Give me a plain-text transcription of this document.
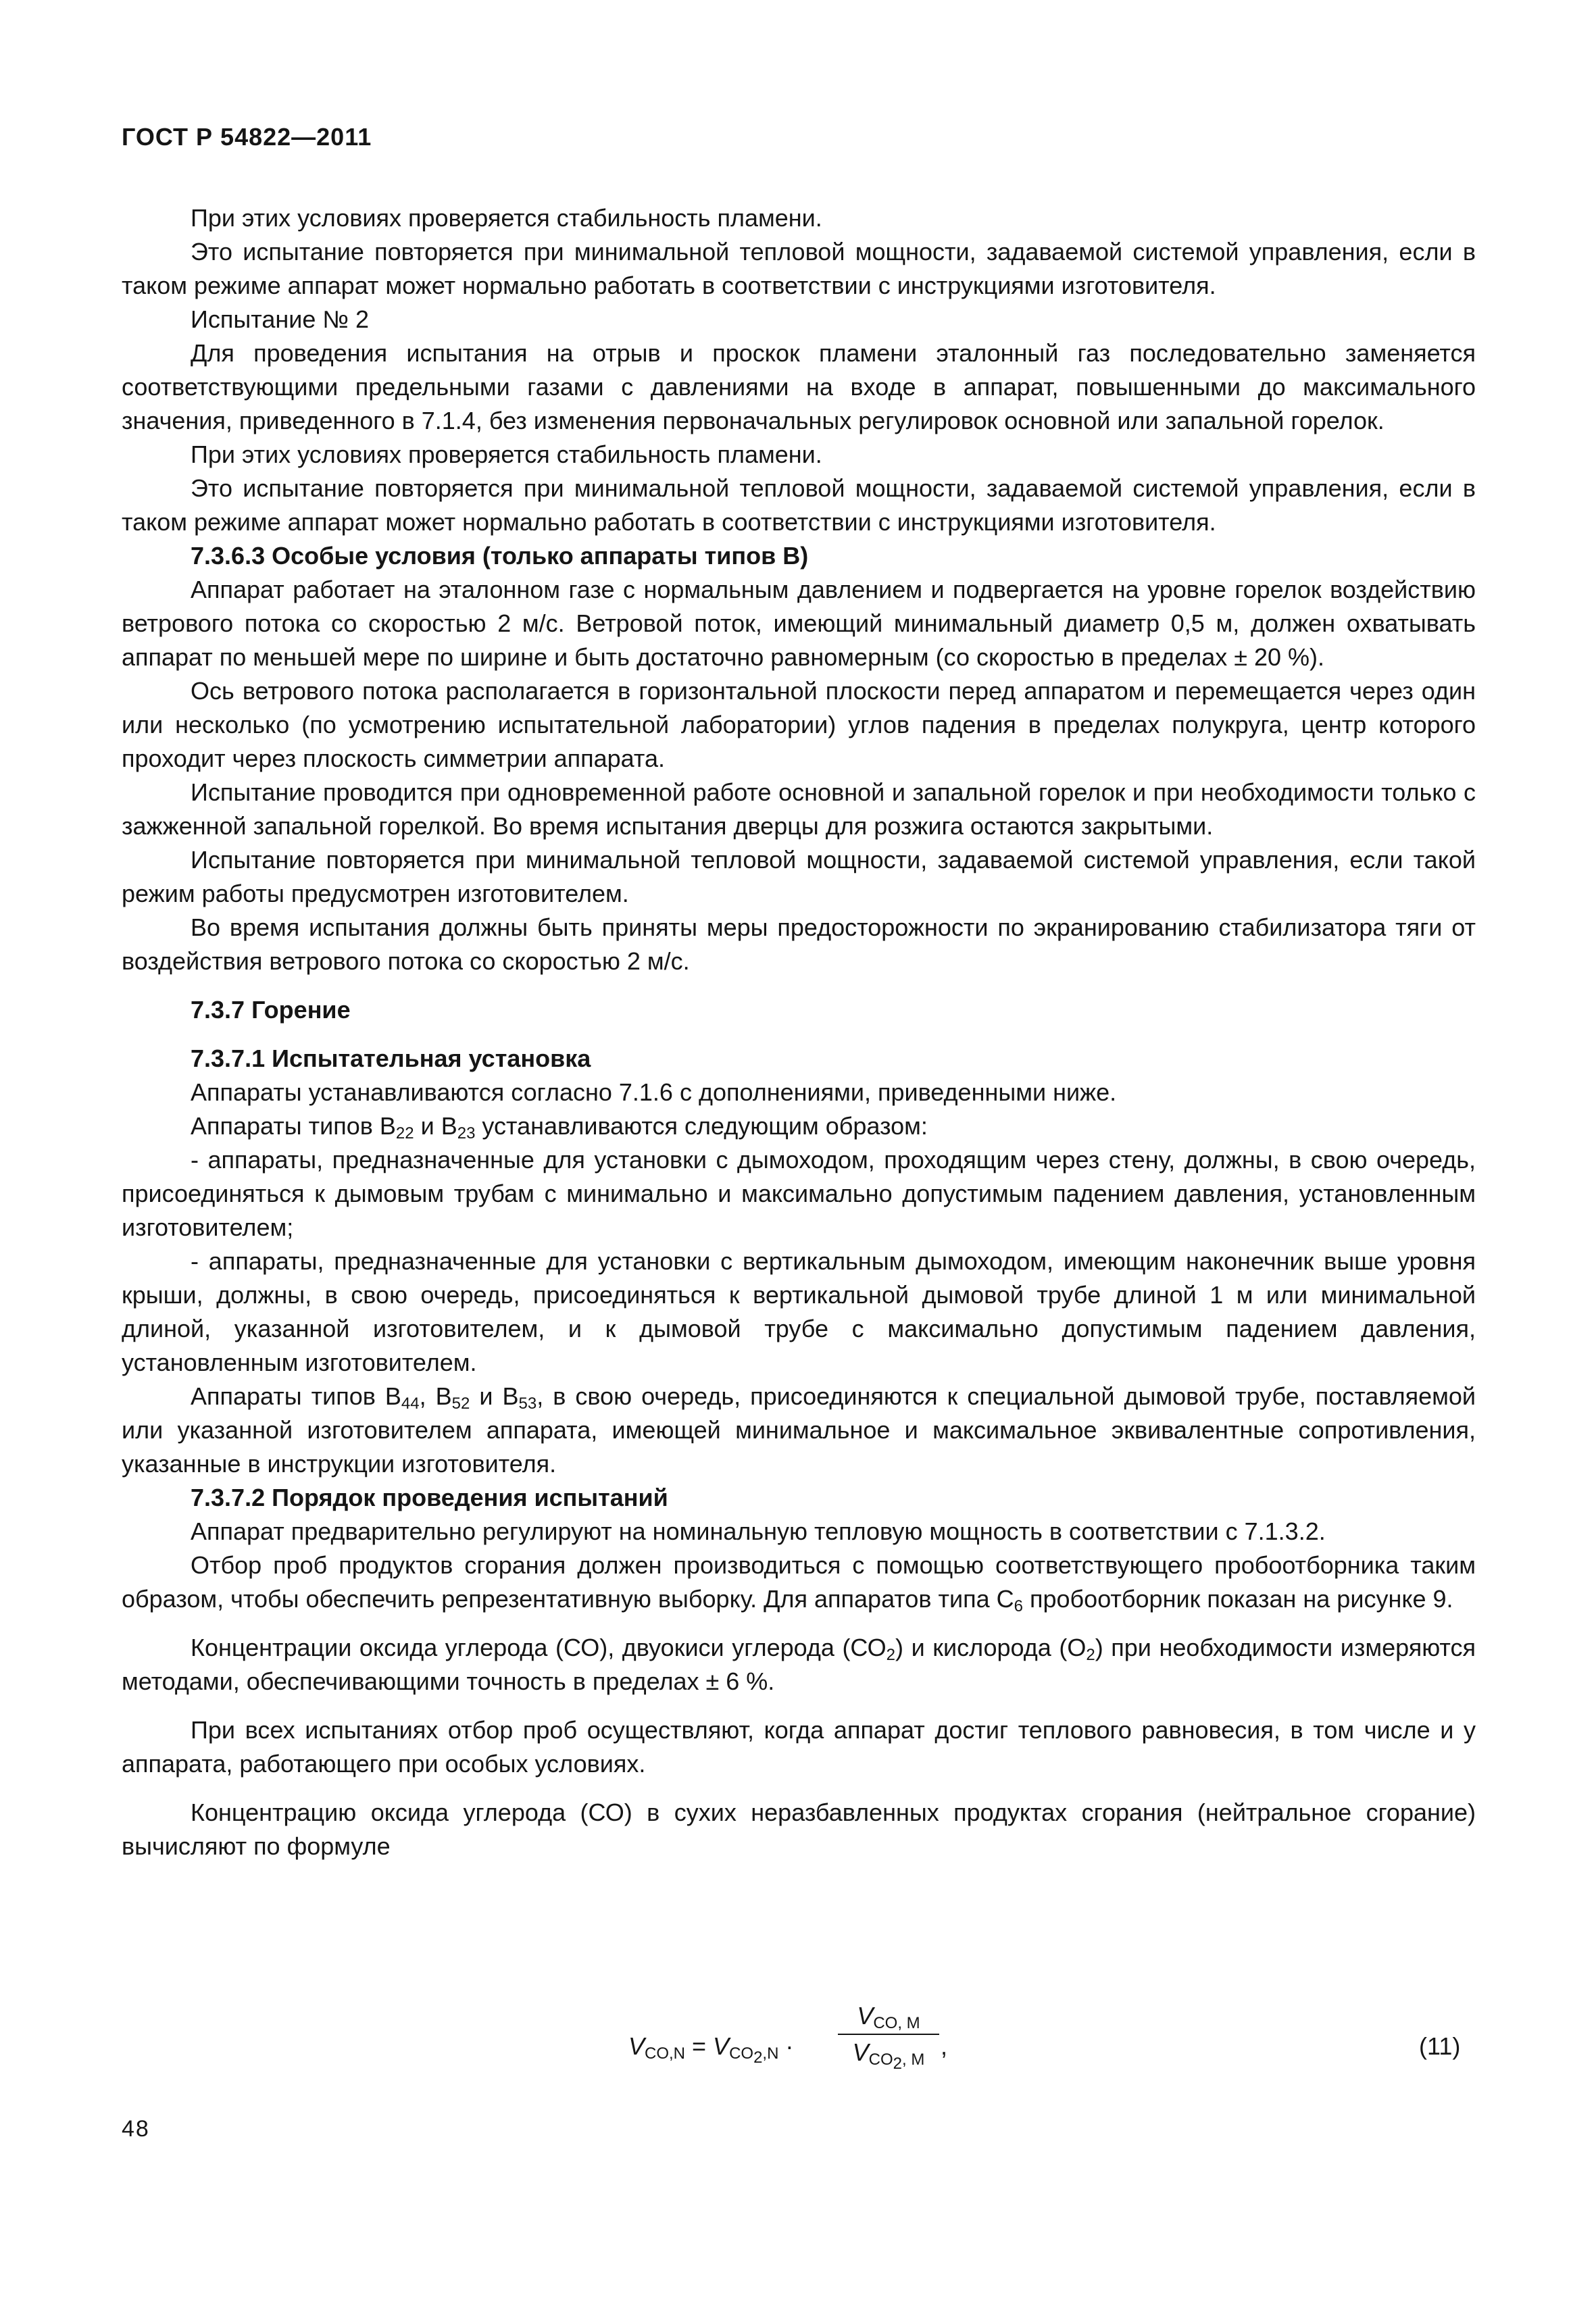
ГОСТ Р 54822—2011

При этих условиях проверяется стабильность пламени.

Это испытание повторяется при минимальной тепловой мощности, задаваемой системой управления, если в таком режиме аппарат может нормально работать в соответствии с инструкциями изготовителя.

Испытание № 2

Для проведения испытания на отрыв и проскок пламени эталонный газ последовательно заменяется соответствующими предельными газами с давлениями на входе в аппарат, повышенными до максимального значения, приведенного в 7.1.4, без изменения первоначальных регулировок основной или запальной горелок.

При этих условиях проверяется стабильность пламени.

Это испытание повторяется при минимальной тепловой мощности, задаваемой системой управления, если в таком режиме аппарат может нормально работать в соответствии с инструкциями изготовителя.

7.3.6.3 Особые условия (только аппараты типов В)

Аппарат работает на эталонном газе с нормальным давлением и подвергается на уровне горелок воздействию ветрового потока со скоростью 2 м/с. Ветровой поток, имеющий минимальный диаметр 0,5 м, должен охватывать аппарат по меньшей мере по ширине и быть достаточно равномерным (со скоростью в пределах ± 20 %).

Ось ветрового потока располагается в горизонтальной плоскости перед аппаратом и перемещается через один или несколько (по усмотрению испытательной лаборатории) углов падения в пределах полукруга, центр которого проходит через плоскость симметрии аппарата.

Испытание проводится при одновременной работе основной и запальной горелок и при необходимости только с зажженной запальной горелкой. Во время испытания дверцы для розжига остаются закрытыми.

Испытание повторяется при минимальной тепловой мощности, задаваемой системой управления, если такой режим работы предусмотрен изготовителем.

Во время испытания должны быть приняты меры предосторожности по экранированию стабилизатора тяги от воздействия ветрового потока со скоростью 2 м/с.

7.3.7 Горение

7.3.7.1 Испытательная установка

Аппараты устанавливаются согласно 7.1.6 с дополнениями, приведенными ниже.

Аппараты типов $В_{22}$ и $В_{23}$ устанавливаются следующим образом:

- аппараты, предназначенные для установки с дымоходом, проходящим через стену, должны, в свою очередь, присоединяться к дымовым трубам с минимально и максимально допустимым падением давления, установленным изготовителем;

- аппараты, предназначенные для установки с вертикальным дымоходом, имеющим наконечник выше уровня крыши, должны, в свою очередь, присоединяться к вертикальной дымовой трубе длиной 1 м или минимальной длиной, указанной изготовителем, и к дымовой трубе с максимально допустимым падением давления, установленным изготовителем.

Аппараты типов $В_{44}$, $В_{52}$ и $В_{53}$, в свою очередь, присоединяются к специальной дымовой трубе, поставляемой или указанной изготовителем аппарата, имеющей минимальное и максимальное эквивалентные сопротивления, указанные в инструкции изготовителя.

7.3.7.2 Порядок проведения испытаний

Аппарат предварительно регулируют на номинальную тепловую мощность в соответствии с 7.1.3.2.

Отбор проб продуктов сгорания должен производиться с помощью соответствующего пробоотборника таким образом, чтобы обеспечить репрезентативную выборку. Для аппаратов типа $С_6$ пробоотборник показан на рисунке 9.

Концентрации оксида углерода (СО), двуокиси углерода $(СО_2)$ и кислорода $(О_2)$ при необходимости измеряются методами, обеспечивающими точность в пределах ± 6 %.

При всех испытаниях отбор проб осуществляют, когда аппарат достиг теплового равновесия, в том числе и у аппарата, работающего при особых условиях.

Концентрацию оксида углерода (СО) в сухих неразбавленных продуктах сгорания (нейтральное сгорание) вычисляют по формуле

$V_{CO,N} = V_{CO_2,N}$ ·
$V_{CO, M}$
$V_{CO_2, M}$ ,	(11)
48
